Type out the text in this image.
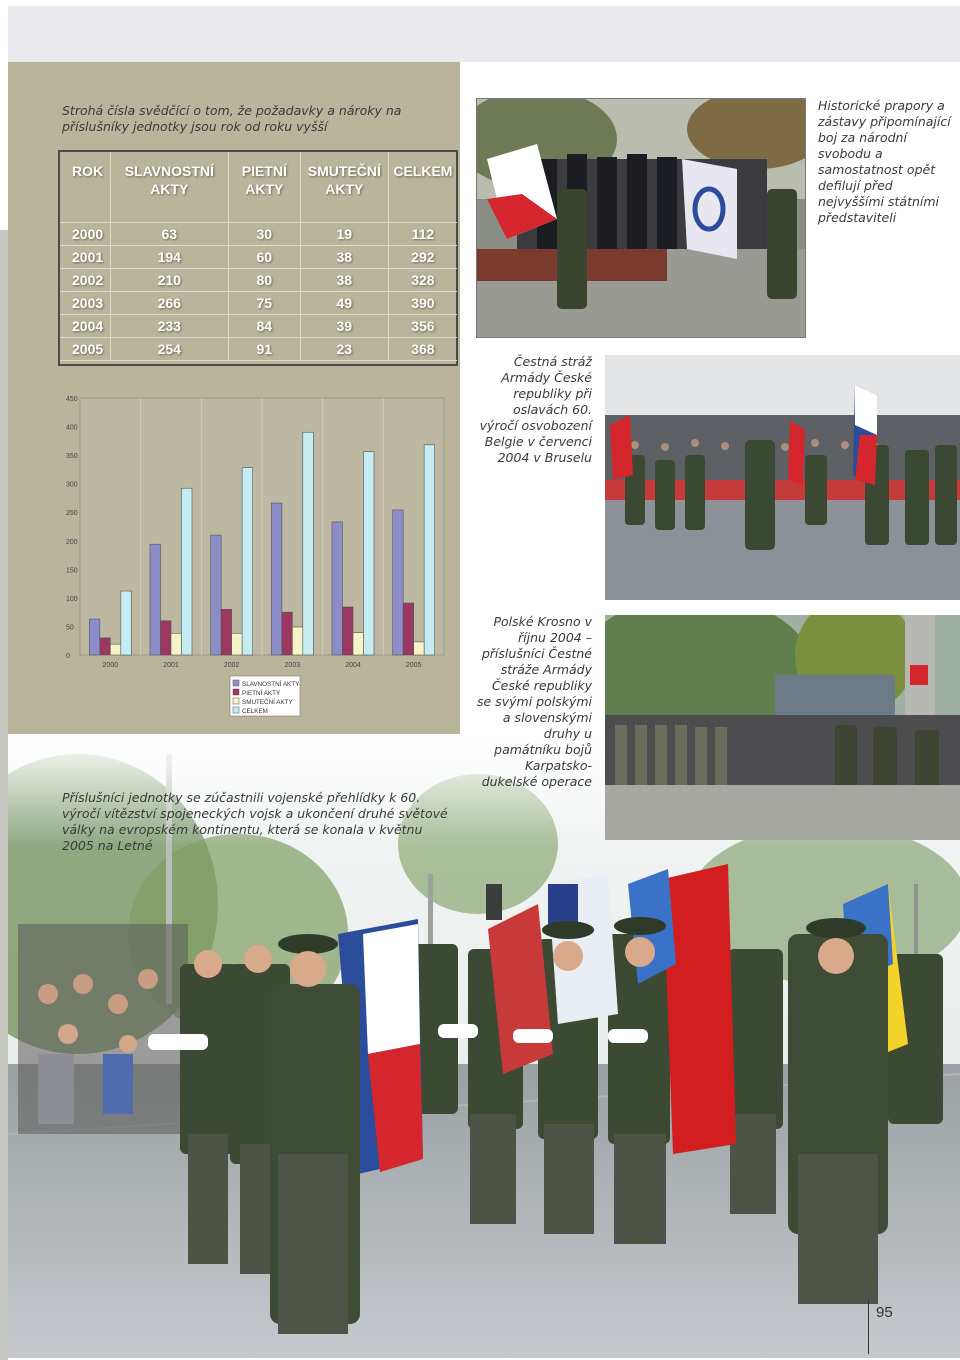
Strohá čísla svědčící o tom, že požadavky a nároky na příslušníky jednotky jsou rok od roku vyšší
ROK	SLAVNOSTNÍ AKTY	PIETNÍ AKTY	SMUTEČNÍ AKTY	CELKEM
2000	63	30	19	112
2001	194	60	38	292
2002	210	80	38	328
2003	266	75	49	390
2004	233	84	39	356
2005	254	91	23	368
0
50
100
150
200
250
300
350
400
450
2000	2001	2002	2003	2004	2005
SLAVNOSTNÍ AKTY
PIETNÍ AKTY
SMUTEČNÍ AKTY
CELKEM
Historické prapory a zástavy připomínající boj za národní svobodu a samostatnost opět defilují před nejvyššími státními představiteli
Čestná stráž Armády České republiky při oslavách 60. výročí osvobození Belgie v červenci 2004 v Bruselu
Polské Krosno v říjnu 2004 – příslušníci Čestné stráže Armády České republiky se svými polskými a slovenskými druhy u památníku bojů Karpatsko-dukelské operace
Příslušníci jednotky se zúčastnili vojenské přehlídky k 60. výročí vítězství spojeneckých vojsk a ukončení druhé světové války na evropském kontinentu, která se konala v květnu 2005 na Letné
95
